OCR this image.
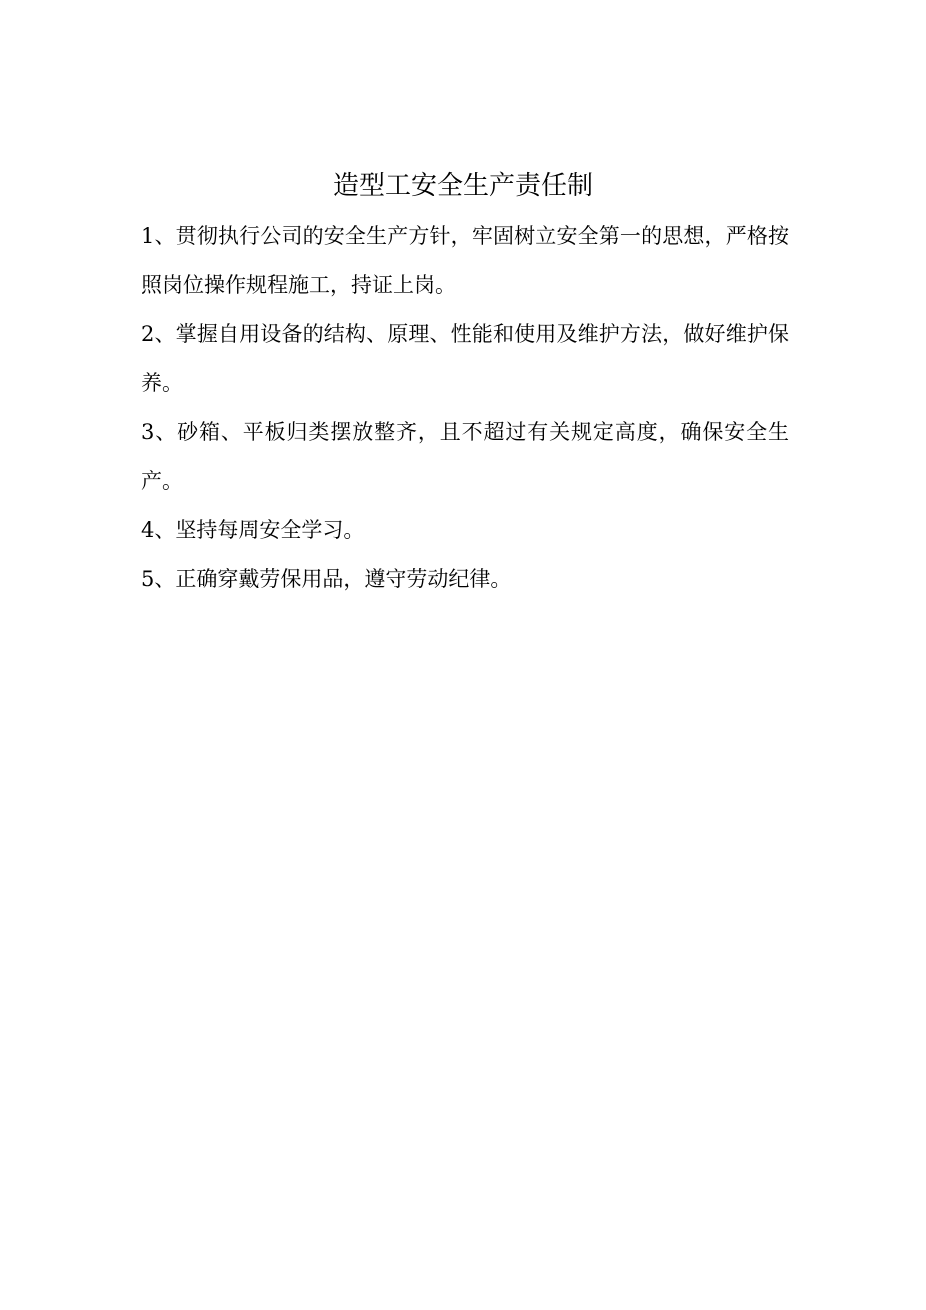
造型工安全生产责任制

1、贯彻执行公司的安全生产方针，牢固树立安全第一的思想，严格按照岗位操作规程施工，持证上岗。

2、掌握自用设备的结构、原理、性能和使用及维护方法，做好维护保养。

3、砂箱、平板归类摆放整齐，且不超过有关规定高度，确保安全生产。

4、坚持每周安全学习。

5、正确穿戴劳保用品，遵守劳动纪律。
